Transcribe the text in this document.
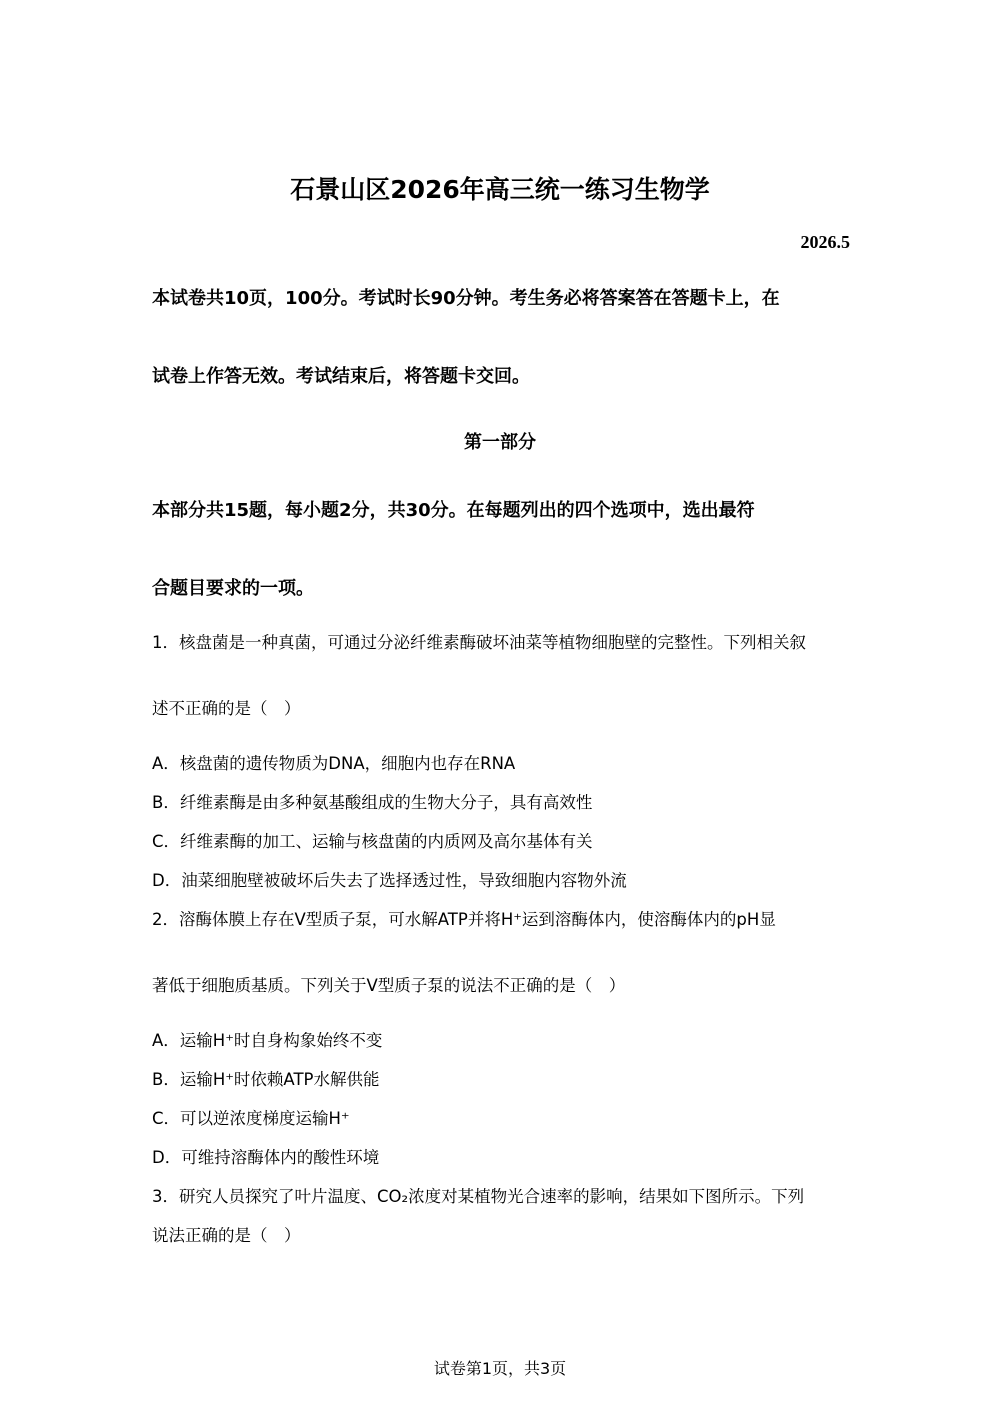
石景山区2026年高三统一练习生物学
2026.5
本试卷共10页，100分。考试时长90分钟。考生务必将答案答在答题卡上，在
试卷上作答无效。考试结束后，将答题卡交回。
第一部分
本部分共15题，每小题2分，共30分。在每题列出的四个选项中，选出最符
合题目要求的一项。
1．核盘菌是一种真菌，可通过分泌纤维素酶破坏油菜等植物细胞壁的完整性。下列相关叙
述不正确的是（　）
A．核盘菌的遗传物质为DNA，细胞内也存在RNA
B．纤维素酶是由多种氨基酸组成的生物大分子，具有高效性
C．纤维素酶的加工、运输与核盘菌的内质网及高尔基体有关
D．油菜细胞壁被破坏后失去了选择透过性，导致细胞内容物外流
2．溶酶体膜上存在V型质子泵，可水解ATP并将H⁺运到溶酶体内，使溶酶体内的pH显
著低于细胞质基质。下列关于V型质子泵的说法不正确的是（　）
A．运输H⁺时自身构象始终不变
B．运输H⁺时依赖ATP水解供能
C．可以逆浓度梯度运输H⁺
D．可维持溶酶体内的酸性环境
3．研究人员探究了叶片温度、CO₂浓度对某植物光合速率的影响，结果如下图所示。下列
说法正确的是（　）
试卷第1页，共3页
